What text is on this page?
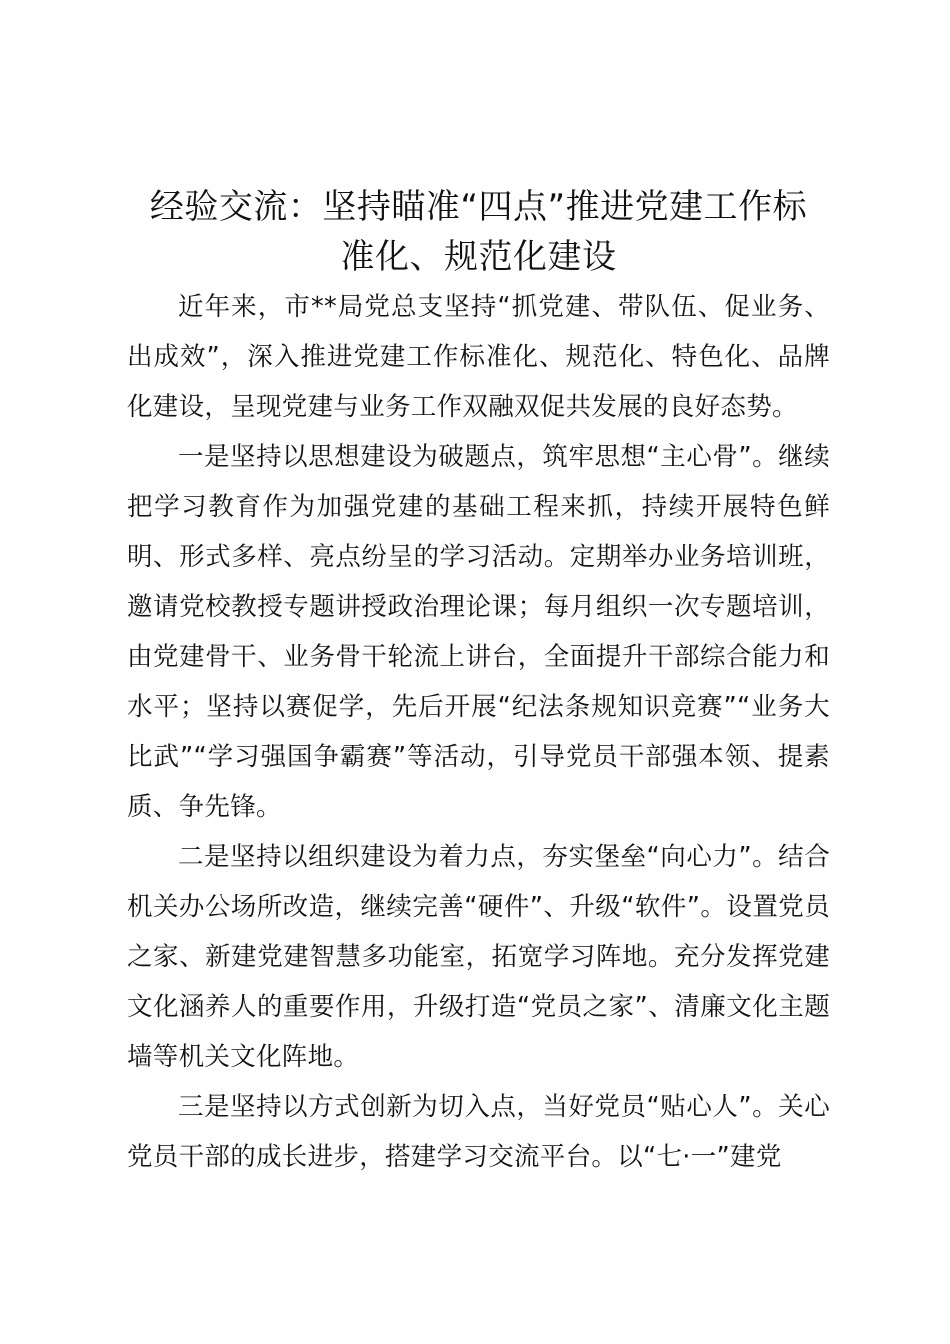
经验交流：坚持瞄准“四点”推进党建工作标
准化、规范化建设

近年来，市**局党总支坚持“抓党建、带队伍、促业务、出成效”，深入推进党建工作标准化、规范化、特色化、品牌化建设，呈现党建与业务工作双融双促共发展的良好态势。

一是坚持以思想建设为破题点，筑牢思想“主心骨”。继续把学习教育作为加强党建的基础工程来抓，持续开展特色鲜明、形式多样、亮点纷呈的学习活动。定期举办业务培训班，邀请党校教授专题讲授政治理论课；每月组织一次专题培训，由党建骨干、业务骨干轮流上讲台，全面提升干部综合能力和水平；坚持以赛促学，先后开展“纪法条规知识竞赛”“业务大比武”“学习强国争霸赛”等活动，引导党员干部强本领、提素质、争先锋。

二是坚持以组织建设为着力点，夯实堡垒“向心力”。结合机关办公场所改造，继续完善“硬件”、升级“软件”。设置党员之家、新建党建智慧多功能室，拓宽学习阵地。充分发挥党建文化涵养人的重要作用，升级打造“党员之家”、清廉文化主题墙等机关文化阵地。

三是坚持以方式创新为切入点，当好党员“贴心人”。关心党员干部的成长进步，搭建学习交流平台。以“七·一”建党
